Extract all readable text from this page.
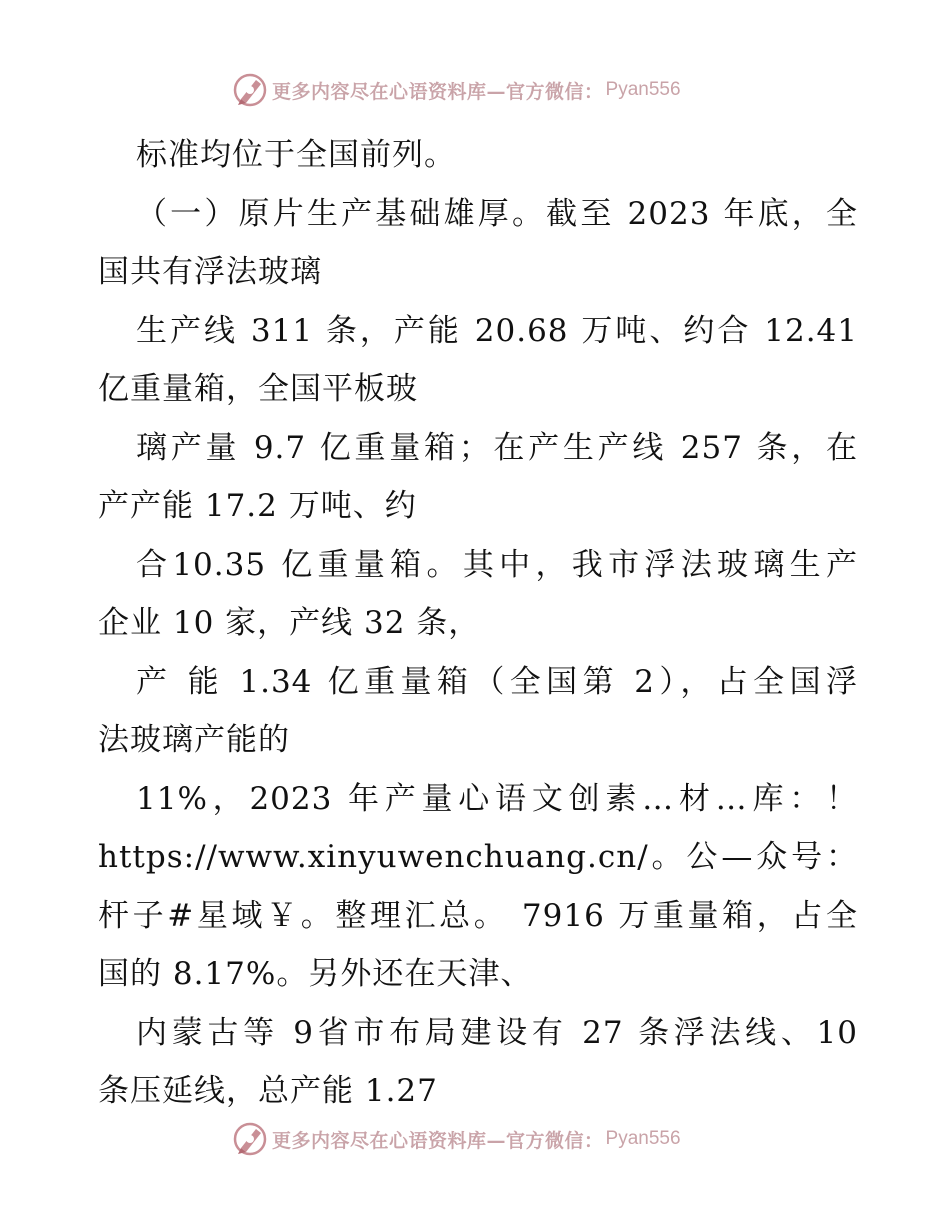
更多内容尽在心语资料库—官方微信： Pyan556
标准均位于全国前列。
（一）原片生产基础雄厚。截至 2023 年底，全
国共有浮法玻璃
生产线 311 条，产能 20.68 万吨、约合 12.41
亿重量箱，全国平板玻
璃产量 9.7 亿重量箱；在产生产线 257 条，在
产产能 17.2 万吨、约
合10.35 亿重量箱。其中，我市浮法玻璃生产
企业 10 家，产线 32 条，
产 能 1.34 亿重量箱（全国第 2），占全国浮
法玻璃产能的
11%，2023 年产量心语文创素…材…库：！
https://www.xinyuwenchuang.cn/。公—众号：
杆子#星域￥。整理汇总。 7916 万重量箱，占全
国的 8.17%。另外还在天津、
内蒙古等 9省市布局建设有 27 条浮法线、10
条压延线，总产能 1.27
更多内容尽在心语资料库—官方微信： Pyan556
